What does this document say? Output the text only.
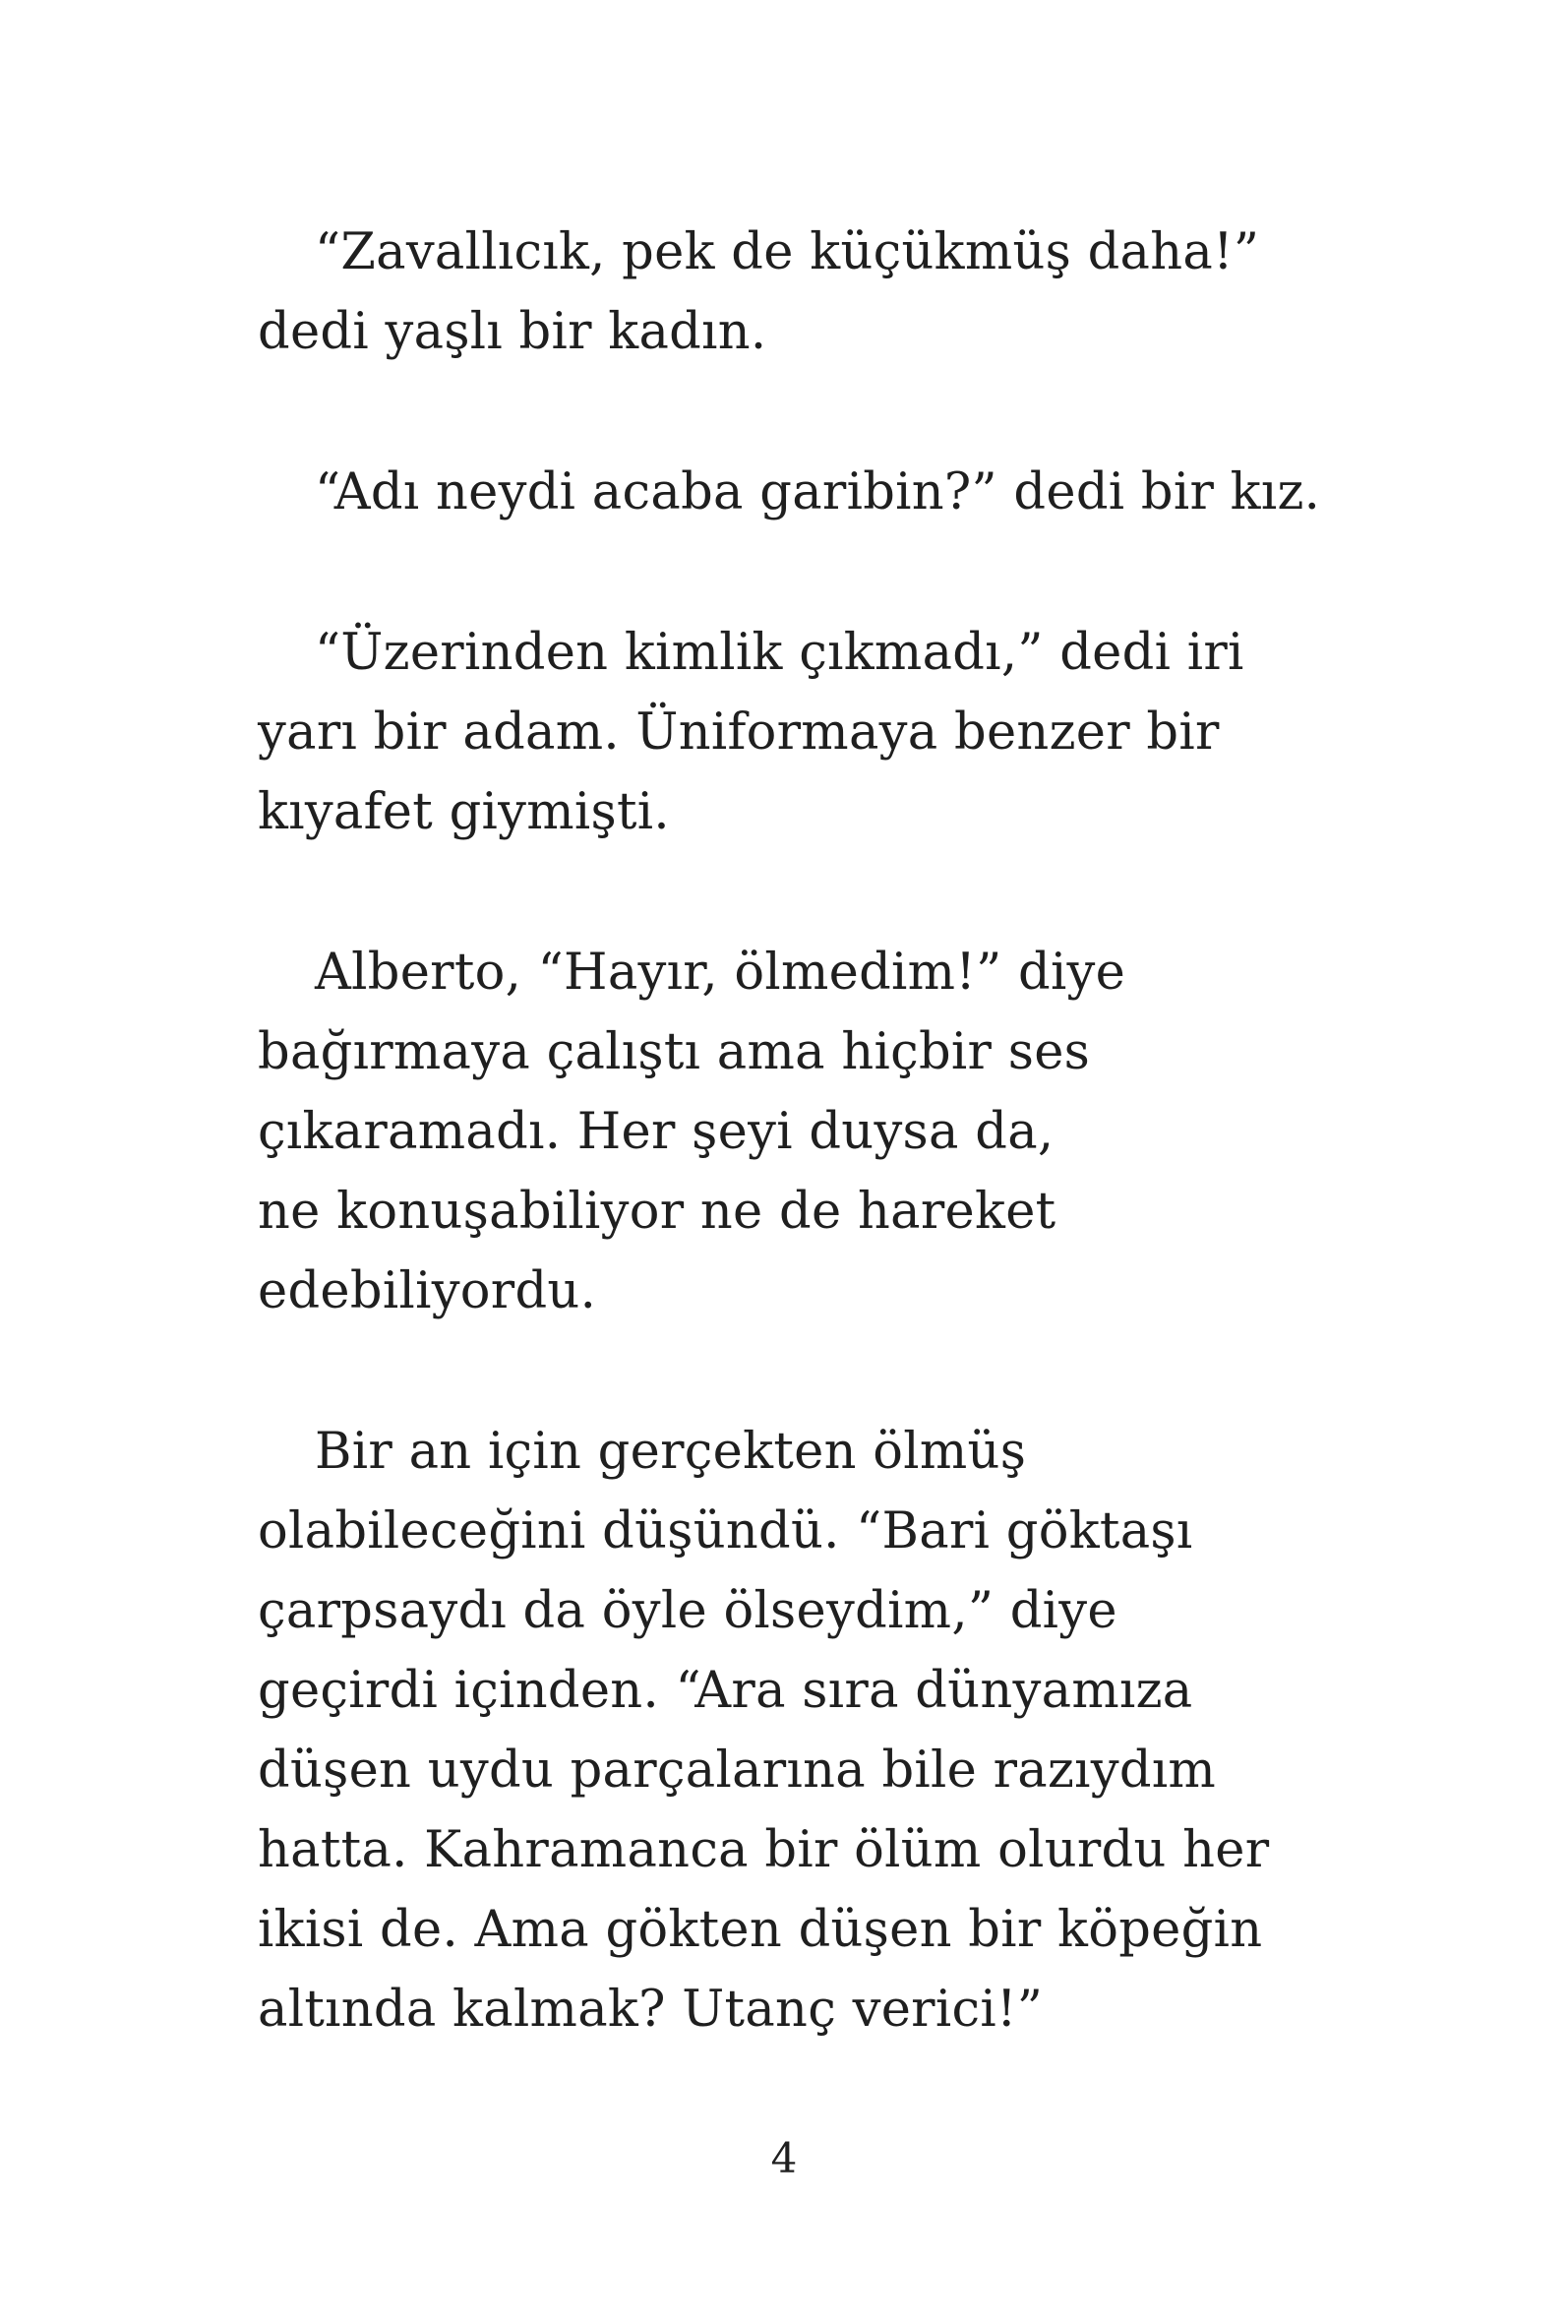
“Zavallıcık, pek de küçükmüş daha!”
dedi yaşlı bir kadın.

“Adı neydi acaba garibin?” dedi bir kız.

“Üzerinden kimlik çıkmadı,” dedi iri
yarı bir adam. Üniformaya benzer bir
kıyafet giymişti.

Alberto, “Hayır, ölmedim!” diye
bağırmaya çalıştı ama hiçbir ses
çıkaramadı. Her şeyi duysa da,
ne konuşabiliyor ne de hareket
edebiliyordu.

Bir an için gerçekten ölmüş
olabileceğini düşündü. “Bari göktaşı
çarpsaydı da öyle ölseydim,” diye
geçirdi içinden. “Ara sıra dünyamıza
düşen uydu parçalarına bile razıydım
hatta. Kahramanca bir ölüm olurdu her
ikisi de. Ama gökten düşen bir köpeğin
altında kalmak? Utanç verici!”

4
